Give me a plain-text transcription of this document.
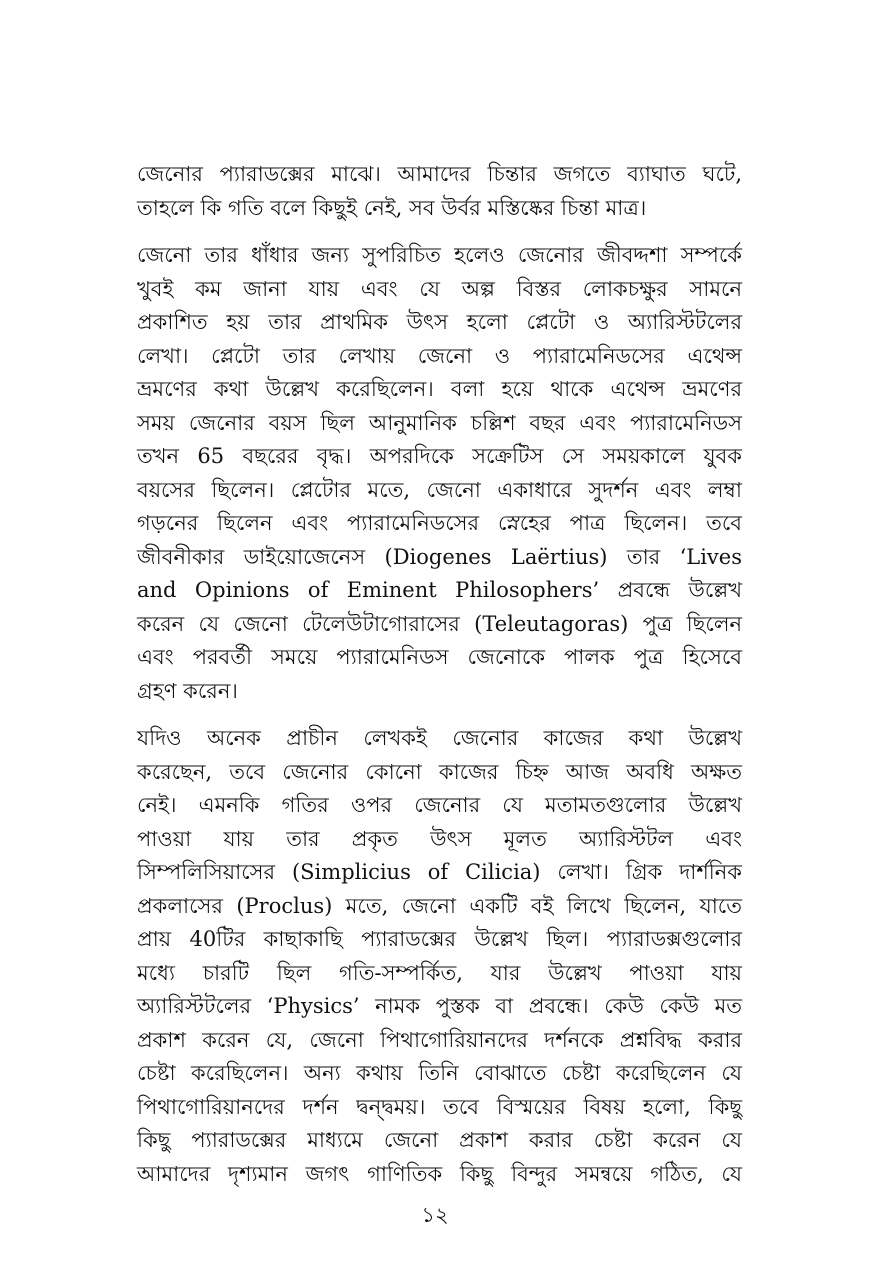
জেনোর প্যারাডক্সের মাঝে। আমাদের চিন্তার জগতে ব্যাঘাত ঘটে,
তাহলে কি গতি বলে কিছুই নেই, সব উর্বর মস্তিষ্কের চিন্তা মাত্র।

জেনো তার ধাঁধার জন্য সুপরিচিত হলেও জেনোর জীবদ্দশা সম্পর্কে
খুবই কম জানা যায় এবং যে অল্প বিস্তর লোকচক্ষুর সামনে
প্রকাশিত হয় তার প্রাথমিক উৎস হলো প্লেটো ও অ্যারিস্টটলের
লেখা। প্লেটো তার লেখায় জেনো ও প্যারামেনিডসের এথেন্স
ভ্রমণের কথা উল্লেখ করেছিলেন। বলা হয়ে থাকে এথেন্স ভ্রমণের
সময় জেনোর বয়স ছিল আনুমানিক চল্লিশ বছর এবং প্যারামেনিডস
তখন 65 বছরের বৃদ্ধ। অপরদিকে সক্রেটিস সে সময়কালে যুবক
বয়সের ছিলেন। প্লেটোর মতে, জেনো একাধারে সুদর্শন এবং লম্বা
গড়নের ছিলেন এবং প্যারামেনিডসের স্নেহের পাত্র ছিলেন। তবে
জীবনীকার ডাইয়োজেনেস (Diogenes Laërtius) তার ‘Lives
and Opinions of Eminent Philosophers’ প্রবন্ধে উল্লেখ
করেন যে জেনো টেলেউটাগোরাসের (Teleutagoras) পুত্র ছিলেন
এবং পরবর্তী সময়ে প্যারামেনিডস জেনোকে পালক পুত্র হিসেবে
গ্রহণ করেন।

যদিও অনেক প্রাচীন লেখকই জেনোর কাজের কথা উল্লেখ
করেছেন, তবে জেনোর কোনো কাজের চিহ্ন আজ অবধি অক্ষত
নেই। এমনকি গতির ওপর জেনোর যে মতামতগুলোর উল্লেখ
পাওয়া যায় তার প্রকৃত উৎস মূলত অ্যারিস্টটল এবং
সিম্পলিসিয়াসের (Simplicius of Cilicia) লেখা। গ্রিক দার্শনিক
প্রকলাসের (Proclus) মতে, জেনো একটি বই লিখে ছিলেন, যাতে
প্রায় 40টির কাছাকাছি প্যারাডক্সের উল্লেখ ছিল। প্যারাডক্সগুলোর
মধ্যে চারটি ছিল গতি-সম্পর্কিত, যার উল্লেখ পাওয়া যায়
অ্যারিস্টটলের ‘Physics’ নামক পুস্তক বা প্রবন্ধে। কেউ কেউ মত
প্রকাশ করেন যে, জেনো পিথাগোরিয়ানদের দর্শনকে প্রশ্নবিদ্ধ করার
চেষ্টা করেছিলেন। অন্য কথায় তিনি বোঝাতে চেষ্টা করেছিলেন যে
পিথাগোরিয়ানদের দর্শন দ্বন্দ্বময়। তবে বিস্ময়ের বিষয় হলো, কিছু
কিছু প্যারাডক্সের মাধ্যমে জেনো প্রকাশ করার চেষ্টা করেন যে
আমাদের দৃশ্যমান জগৎ গাণিতিক কিছু বিন্দুর সমন্বয়ে গঠিত, যে

১২
